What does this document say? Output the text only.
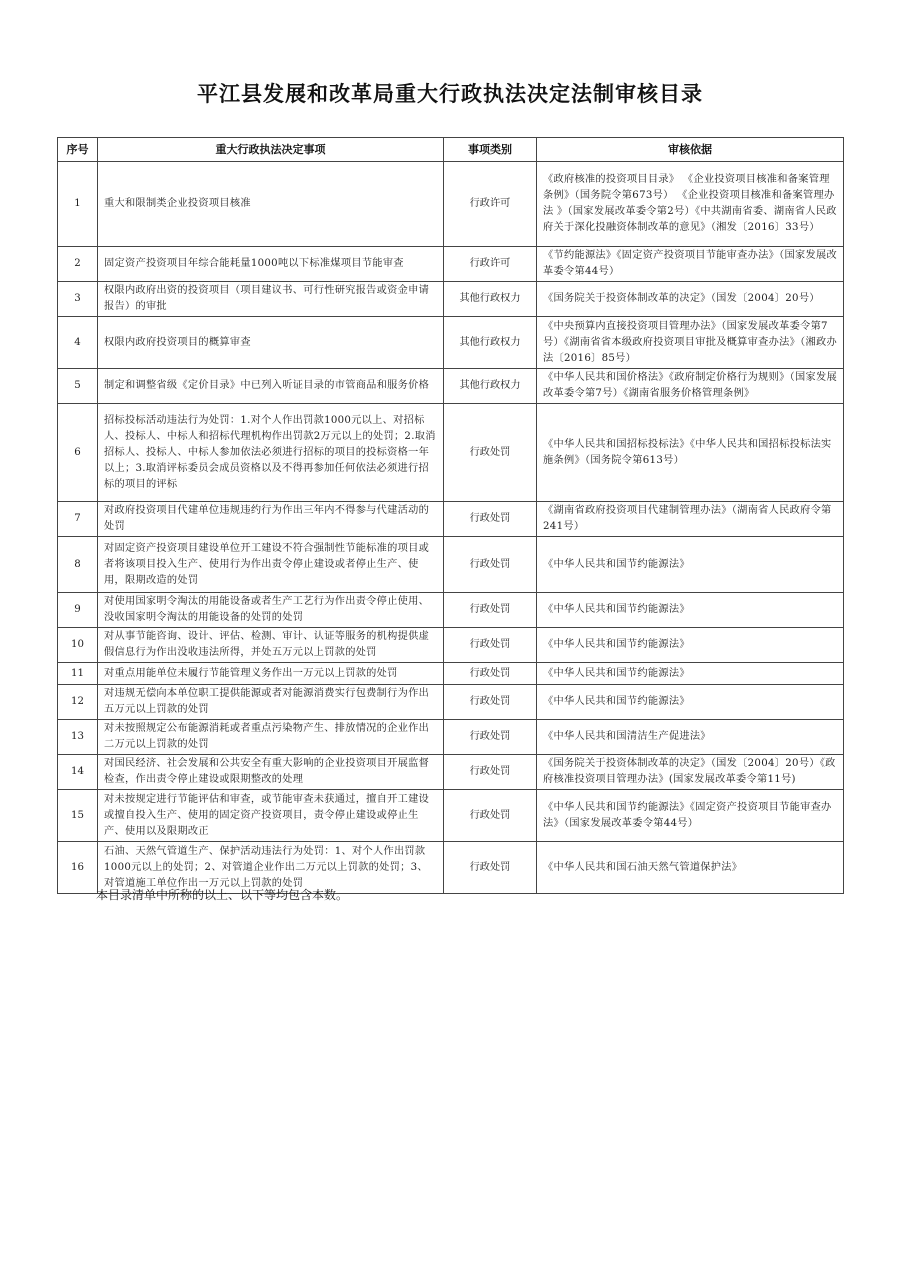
平江县发展和改革局重大行政执法决定法制审核目录
序号	重大行政执法决定事项	事项类别	审核依据
1	重大和限制类企业投资项目核准	行政许可	《政府核准的投资项目目录》 《企业投资项目核准和备案管理条例》（国务院令第673号） 《企业投资项目核准和备案管理办法 》（国家发展改革委令第2号）《中共湖南省委、湖南省人民政府关于深化投融资体制改革的意见》（湘发〔2016〕33号）
2	固定资产投资项目年综合能耗量1000吨以下标准煤项目节能审查	行政许可	《节约能源法》《固定资产投资项目节能审查办法》（国家发展改革委令第44号）
3	权限内政府出资的投资项目（项目建议书、可行性研究报告或资金申请报告）的审批	其他行政权力	《国务院关于投资体制改革的决定》（国发〔2004〕20号）
4	权限内政府投资项目的概算审查	其他行政权力	《中央预算内直接投资项目管理办法》（国家发展改革委令第7号）《湖南省省本级政府投资项目审批及概算审查办法》（湘政办法〔2016〕85号）
5	制定和调整省级《定价目录》中已列入听证目录的市管商品和服务价格	其他行政权力	《中华人民共和国价格法》《政府制定价格行为规则》（国家发展改革委令第7号）《湖南省服务价格管理条例》
6	招标投标活动违法行为处罚：1.对个人作出罚款1000元以上、对招标人、投标人、中标人和招标代理机构作出罚款2万元以上的处罚；2.取消招标人、投标人、中标人参加依法必须进行招标的项目的投标资格一年以上；3.取消评标委员会成员资格以及不得再参加任何依法必须进行招标的项目的评标	行政处罚	《中华人民共和国招标投标法》《中华人民共和国招标投标法实施条例》（国务院令第613号）
7	对政府投资项目代建单位违规违约行为作出三年内不得参与代建活动的处罚	行政处罚	《湖南省政府投资项目代建制管理办法》（湖南省人民政府令第241号）
8	对固定资产投资项目建设单位开工建设不符合强制性节能标准的项目或者将该项目投入生产、使用行为作出责令停止建设或者停止生产、使用，限期改造的处罚	行政处罚	《中华人民共和国节约能源法》
9	对使用国家明令淘汰的用能设备或者生产工艺行为作出责令停止使用、没收国家明令淘汰的用能设备的处罚的处罚	行政处罚	《中华人民共和国节约能源法》
10	对从事节能咨询、设计、评估、检测、审计、认证等服务的机构提供虚假信息行为作出没收违法所得，并处五万元以上罚款的处罚	行政处罚	《中华人民共和国节约能源法》
11	对重点用能单位未履行节能管理义务作出一万元以上罚款的处罚	行政处罚	《中华人民共和国节约能源法》
12	对违规无偿向本单位职工提供能源或者对能源消费实行包费制行为作出五万元以上罚款的处罚	行政处罚	《中华人民共和国节约能源法》
13	对未按照规定公布能源消耗或者重点污染物产生、排放情况的企业作出二万元以上罚款的处罚	行政处罚	《中华人民共和国清洁生产促进法》
14	对国民经济、社会发展和公共安全有重大影响的企业投资项目开展监督检查，作出责令停止建设或限期整改的处理	行政处罚	《国务院关于投资体制改革的决定》（国发〔2004〕20号）《政府核准投资项目管理办法》(国家发展改革委令第11号)
15	对未按规定进行节能评估和审查，或节能审查未获通过，擅自开工建设或擅自投入生产、使用的固定资产投资项目，责令停止建设或停止生产、使用以及限期改正	行政处罚	《中华人民共和国节约能源法》《固定资产投资项目节能审查办法》（国家发展改革委令第44号）
16	石油、天然气管道生产、保护活动违法行为处罚：1、对个人作出罚款1000元以上的处罚；2、对管道企业作出二万元以上罚款的处罚；3、对管道施工单位作出一万元以上罚款的处罚	行政处罚	《中华人民共和国石油天然气管道保护法》
本目录清单中所称的以上、以下等均包含本数。
